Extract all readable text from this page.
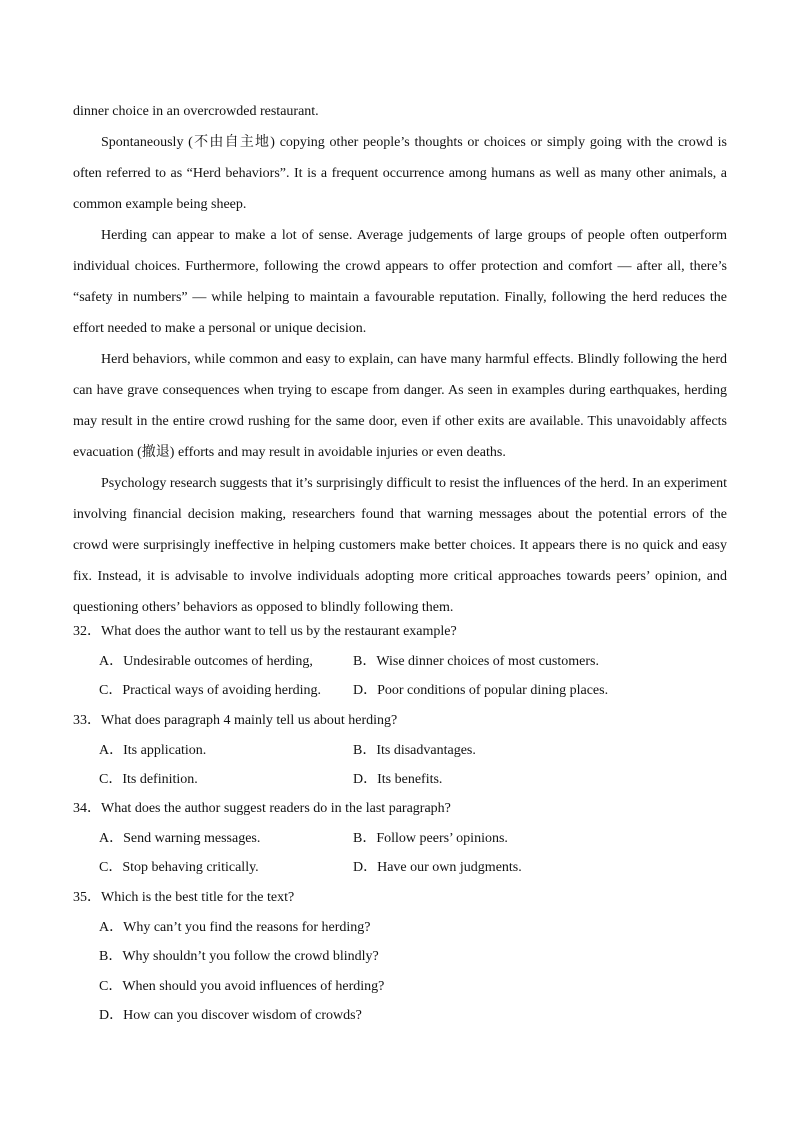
dinner choice in an overcrowded restaurant.

Spontaneously (不由自主地) copying other people’s thoughts or choices or simply going with the crowd is often referred to as “Herd behaviors”. It is a frequent occurrence among humans as well as many other animals, a common example being sheep.

Herding can appear to make a lot of sense. Average judgements of large groups of people often outperform individual choices. Furthermore, following the crowd appears to offer protection and comfort — after all, there’s “safety in numbers” — while helping to maintain a favourable reputation. Finally, following the herd reduces the effort needed to make a personal or unique decision.

Herd behaviors, while common and easy to explain, can have many harmful effects. Blindly following the herd can have grave consequences when trying to escape from danger. As seen in examples during earthquakes, herding may result in the entire crowd rushing for the same door, even if other exits are available. This unavoidably affects evacuation (撤退) efforts and may result in avoidable injuries or even deaths.

Psychology research suggests that it’s surprisingly difficult to resist the influences of the herd. In an experiment involving financial decision making, researchers found that warning messages about the potential errors of the crowd were surprisingly ineffective in helping customers make better choices. It appears there is no quick and easy fix. Instead, it is advisable to involve individuals adopting more critical approaches towards peers’ opinion, and questioning others’ behaviors as opposed to blindly following them.

32．What does the author want to tell us by the restaurant example?

A．Undesirable outcomes of herding,	B．Wise dinner choices of most customers.
C．Practical ways of avoiding herding. D．Poor conditions of popular dining places.

33．What does paragraph 4 mainly tell us about herding?

A．Its application.	B．Its disadvantages.
C．Its definition.	D．Its benefits.

34．What does the author suggest readers do in the last paragraph?

A．Send warning messages.	B．Follow peers’ opinions.
C．Stop behaving critically.	D．Have our own judgments.

35．Which is the best title for the text?

A．Why can’t you find the reasons for herding?
B．Why shouldn’t you follow the crowd blindly?
C．When should you avoid influences of herding?
D．How can you discover wisdom of crowds?
